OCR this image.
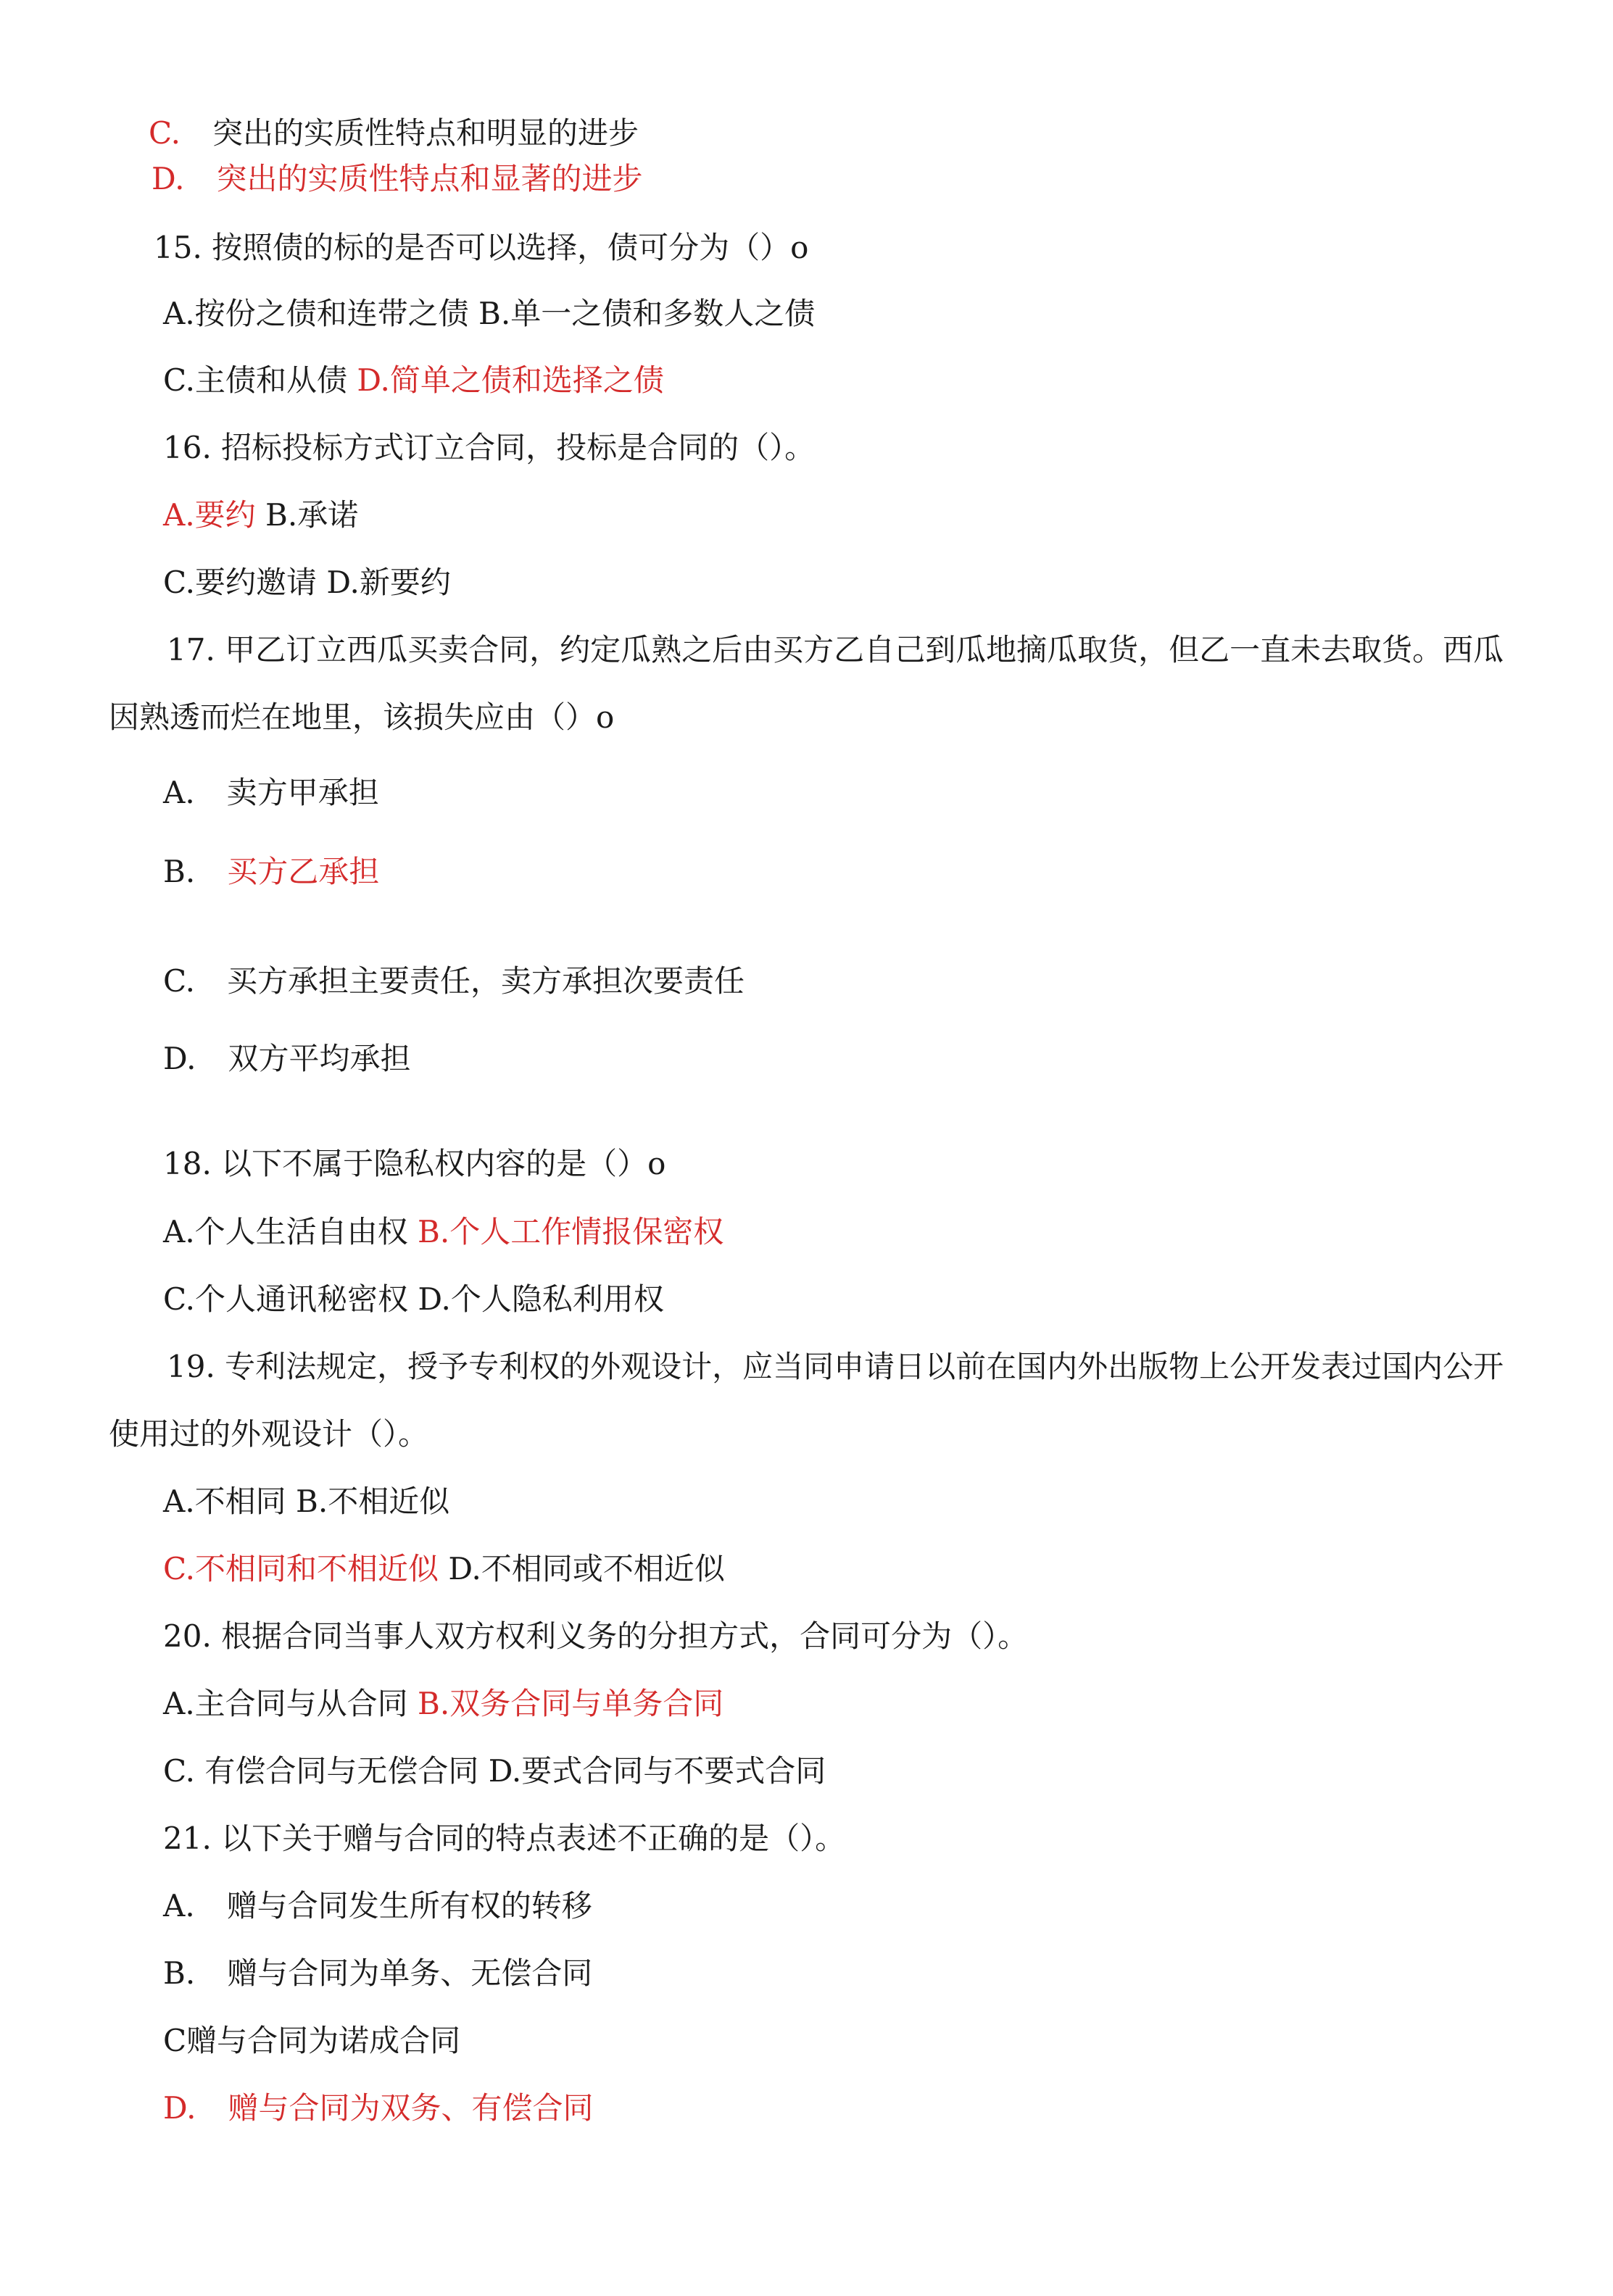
C. 突出的实质性特点和明显的进步
D. 突出的实质性特点和显著的进步
15. 按照债的标的是否可以选择，债可分为（）o
A.按份之债和连带之债 B.单一之债和多数人之债
C.主债和从债 D.简单之债和选择之债
16. 招标投标方式订立合同，投标是合同的（）。
A.要约 B.承诺
C.要约邀请 D.新要约
17. 甲乙订立西瓜买卖合同，约定瓜熟之后由买方乙自己到瓜地摘瓜取货，但乙一直未去取货。西瓜
因熟透而烂在地里，该损失应由（）o
A. 卖方甲承担
B. 买方乙承担
C. 买方承担主要责任，卖方承担次要责任
D. 双方平均承担
18. 以下不属于隐私权内容的是（）o
A.个人生活自由权 B.个人工作情报保密权
C.个人通讯秘密权 D.个人隐私利用权
19. 专利法规定，授予专利权的外观设计，应当同申请日以前在国内外出版物上公开发表过国内公开
使用过的外观设计（）。
A.不相同 B.不相近似
C.不相同和不相近似 D.不相同或不相近似
20. 根据合同当事人双方权利义务的分担方式，合同可分为（）。
A.主合同与从合同 B.双务合同与单务合同
C. 有偿合同与无偿合同 D.要式合同与不要式合同
21. 以下关于赠与合同的特点表述不正确的是（）。
A. 赠与合同发生所有权的转移
B. 赠与合同为单务、无偿合同
C赠与合同为诺成合同
D. 赠与合同为双务、有偿合同
